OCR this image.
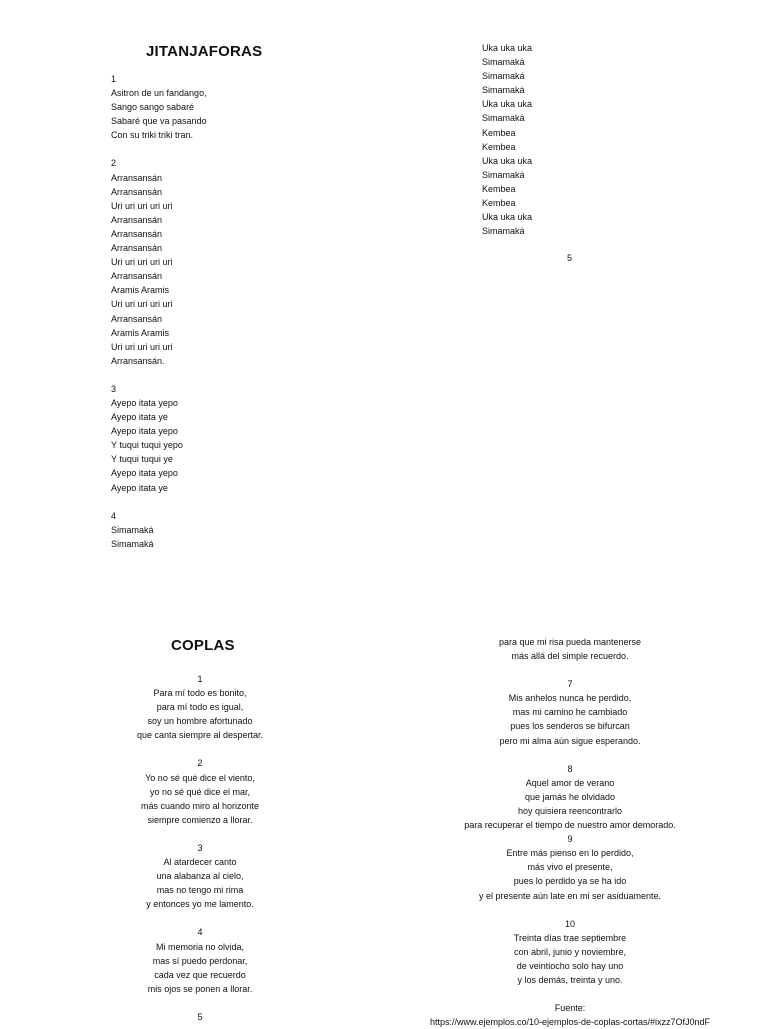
JITANJAFORAS
1
Asitron de un fandango,
Sango sango sabaré
Sabaré que va pasando
Con su triki triki tran.
2
Arransansán
Arransansán
Uri uri uri uri uri
Arransansán
Arransansán
Arransansán
Uri uri uri uri uri
Arransansán
Aramis Aramis
Uri uri uri uri uri
Arransansán
Aramis Aramis
Uri uri uri uri uri
Arransansán.
3
Ayepo itata yepo
Ayepo itata ye
Ayepo itata yepo
Y tuqui tuqui yepo
Y tuqui tuqui ye
Ayepo itata yepo
Ayepo itata ye
4
Simamaká
Simamaká
Uka uka uka
Simamaká
Simamaká
Simamaká
Uka uka uka
Simamaká
Kembea
Kembea
Uka uka uka
Simamaká
Kembea
Kembea
Uka uka uka
Simamaká
5
COPLAS
1
Para mí todo es bonito,
para mí todo es igual,
soy un hombre afortunado
que canta siempre al despertar.
2
Yo no sé qué dice el viento,
yo no sé qué dice el mar,
más cuando miro al horizonte
siempre comienzo a llorar.
3
Al atardecer canto
una alabanza al cielo,
mas no tengo mi rima
y entonces yo me lamento.
4
Mi memoria no olvida,
mas sí puedo perdonar,
cada vez que recuerdo
mis ojos se ponen a llorar.
5
para que mi risa pueda mantenerse
más allá del simple recuerdo.
7
Mis anhelos nunca he perdido,
mas mi camino he cambiado
pues los senderos se bifurcan
pero mi alma aún sigue esperando.
8
Aquel amor de verano
que jamás he olvidado
hoy quisiera reencontrarlo
para recuperar el tiempo de nuestro amor demorado.
9
Entre más pienso en lo perdido,
más vivo el presente,
pues lo perdido ya se ha ido
y el presente aún late en mi ser asiduamente.
10
Treinta días trae septiembre
con abril, junio y noviembre,
de veintiocho solo hay uno
y los demás, treinta y uno.
Fuente:
https://www.ejemplos.co/10-ejemplos-de-coplas-cortas/#ixzz7OfJ0ndF
